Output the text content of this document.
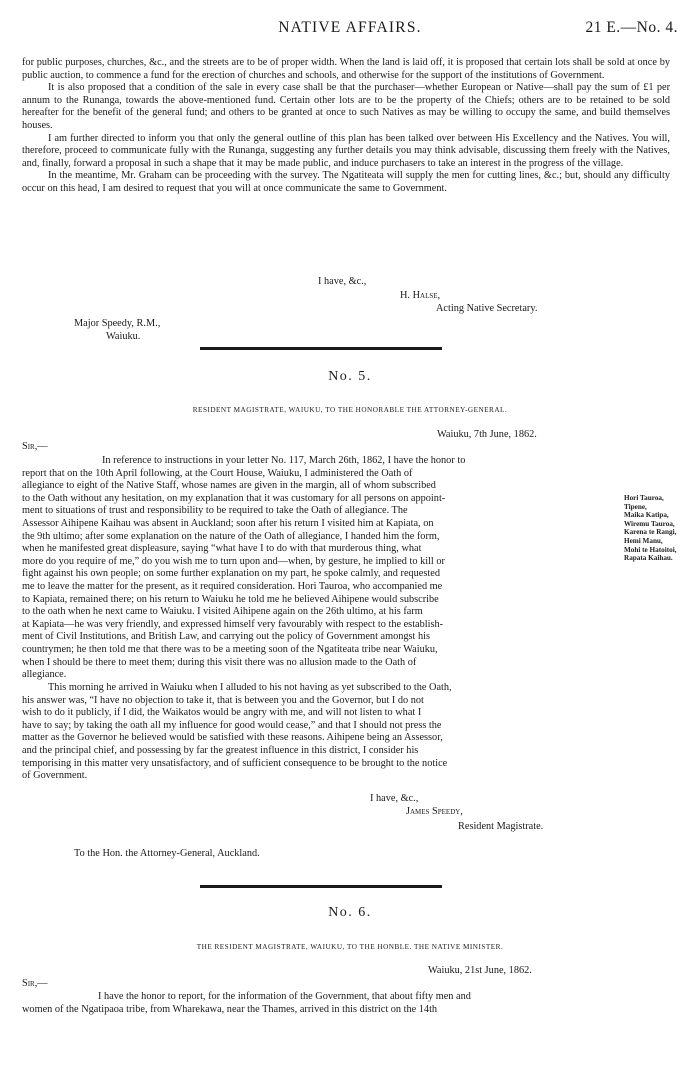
NATIVE AFFAIRS.	21 E.—No. 4.

for public purposes, churches, &c., and the streets are to be of proper width. When the land is laid off, it is proposed that certain lots shall be sold at once by public auction, to commence a fund for the erection of churches and schools, and otherwise for the support of the institutions of Government.

It is also proposed that a condition of the sale in every case shall be that the purchaser—whether European or Native—shall pay the sum of £1 per annum to the Runanga, towards the above-mentioned fund. Certain other lots are to be the property of the Chiefs; others are to be retained to be sold hereafter for the benefit of the general fund; and others to be granted at once to such Natives as may be willing to occupy the same, and build themselves houses.

I am further directed to inform you that only the general outline of this plan has been talked over between His Excellency and the Natives. You will, therefore, proceed to communicate fully with the Runanga, suggesting any further details you may think advisable, discussing them freely with the Natives, and, finally, forward a proposal in such a shape that it may be made public, and induce purchasers to take an interest in the progress of the village.

In the meantime, Mr. Graham can be proceeding with the survey. The Ngatiteata will supply the men for cutting lines, &c.; but, should any difficulty occur on this head, I am desired to request that you will at once communicate the same to Government.

I have, &c.,
H. Halse,
Acting Native Secretary.
Major Speedy, R.M.,
Waiuku.
No. 5.
RESIDENT MAGISTRATE, WAIUKU, TO THE HONORABLE THE ATTORNEY-GENERAL.
Waiuku, 7th June, 1862.
Sir,—
Hori Tauroa,
Tipene,
Maika Katipa,
Wiremu Tauroa,
Karena te Rangi,
Hemi Manu,
Mohi te Hatoitoi,
Rapata Kaihau.
In reference to instructions in your letter No. 117, March 26th, 1862, I have the honor to
report that on the 10th April following, at the Court House, Waiuku, I administered the Oath of
allegiance to eight of the Native Staff, whose names are given in the margin, all of whom subscribed
to the Oath without any hesitation, on my explanation that it was customary for all persons on appoint-
ment to situations of trust and responsibility to be required to take the Oath of allegiance. The
Assessor Aihipene Kaihau was absent in Auckland; soon after his return I visited him at Kapiata, on
the 9th ultimo; after some explanation on the nature of the Oath of allegiance, I handed him the form,
when he manifested great displeasure, saying “what have I to do with that murderous thing, what
more do you require of me,” do you wish me to turn upon and—when, by gesture, he implied to kill or
fight against his own people; on some further explanation on my part, he spoke calmly, and requested
me to leave the matter for the present, as it required consideration. Hori Tauroa, who accompanied me
to Kapiata, remained there; on his return to Waiuku he told me he believed Aihipene would subscribe
to the oath when he next came to Waiuku. I visited Aihipene again on the 26th ultimo, at his farm
at Kapiata—he was very friendly, and expressed himself very favourably with respect to the establish-
ment of Civil Institutions, and British Law, and carrying out the policy of Government amongst his
countrymen; he then told me that there was to be a meeting soon of the Ngatiteata tribe near Waiuku,
when I should be there to meet them; during this visit there was no allusion made to the Oath of
allegiance.
This morning he arrived in Waiuku when I alluded to his not having as yet subscribed to the Oath,
his answer was, “I have no objection to take it, that is between you and the Governor, but I do not
wish to do it publicly, if I did, the Waikatos would be angry with me, and will not listen to what I
have to say; by taking the oath all my influence for good would cease,” and that I should not press the
matter as the Governor he believed would be satisfied with these reasons. Aihipene being an Assessor,
and the principal chief, and possessing by far the greatest influence in this district, I consider his
temporising in this matter very unsatisfactory, and of sufficient consequence to be brought to the notice
of Government.
I have, &c.,
James Speedy,
Resident Magistrate.
To the Hon. the Attorney-General, Auckland.
No. 6.
THE RESIDENT MAGISTRATE, WAIUKU, TO THE HONBLE. THE NATIVE MINISTER.
Waiuku, 21st June, 1862.
Sir,—
I have the honor to report, for the information of the Government, that about fifty men and
women of the Ngatipaoa tribe, from Wharekawa, near the Thames, arrived in this district on the 14th
